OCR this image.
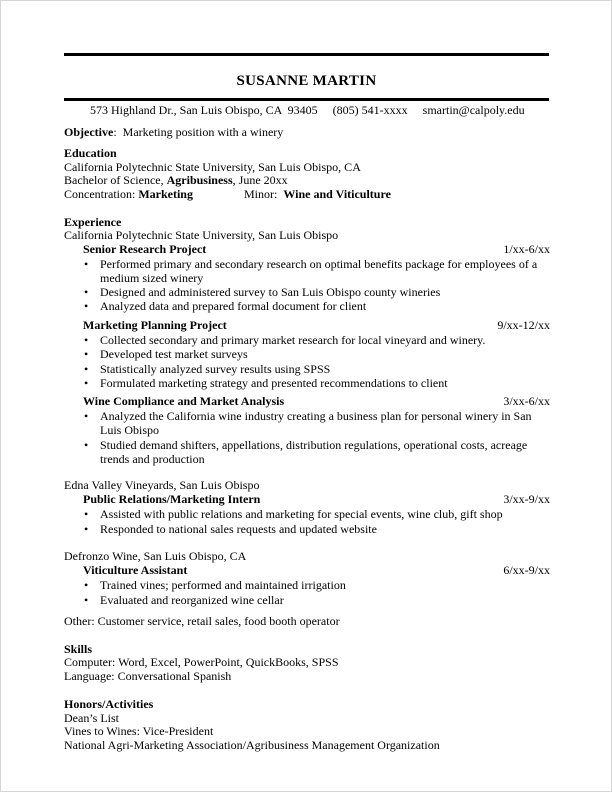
SUSANNE MARTIN
573 Highland Dr., San Luis Obispo, CA  93405 (805) 541-xxxx smartin@calpoly.edu
Objective:  Marketing position with a winery
Education
California Polytechnic State University, San Luis Obispo, CA
Bachelor of Science, Agribusiness, June 20xx
Concentration: Marketing	Minor: Wine and Viticulture
Experience
California Polytechnic State University, San Luis Obispo
Senior Research Project	1/xx-6/xx
• Performed primary and secondary research on optimal benefits package for employees of a
medium sized winery
• Designed and administered survey to San Luis Obispo county wineries
• Analyzed data and prepared formal document for client
Marketing Planning Project	9/xx-12/xx
• Collected secondary and primary market research for local vineyard and winery.
• Developed test market surveys
• Statistically analyzed survey results using SPSS
• Formulated marketing strategy and presented recommendations to client
Wine Compliance and Market Analysis	3/xx-6/xx
• Analyzed the California wine industry creating a business plan for personal winery in San
Luis Obispo
• Studied demand shifters, appellations, distribution regulations, operational costs, acreage
trends and production
Edna Valley Vineyards, San Luis Obispo
Public Relations/Marketing Intern	3/xx-9/xx
• Assisted with public relations and marketing for special events, wine club, gift shop
• Responded to national sales requests and updated website
Defronzo Wine, San Luis Obispo, CA
Viticulture Assistant	6/xx-9/xx
• Trained vines; performed and maintained irrigation
• Evaluated and reorganized wine cellar
Other: Customer service, retail sales, food booth operator
Skills
Computer: Word, Excel, PowerPoint, QuickBooks, SPSS
Language: Conversational Spanish
Honors/Activities
Dean’s List
Vines to Wines: Vice-President
National Agri-Marketing Association/Agribusiness Management Organization
